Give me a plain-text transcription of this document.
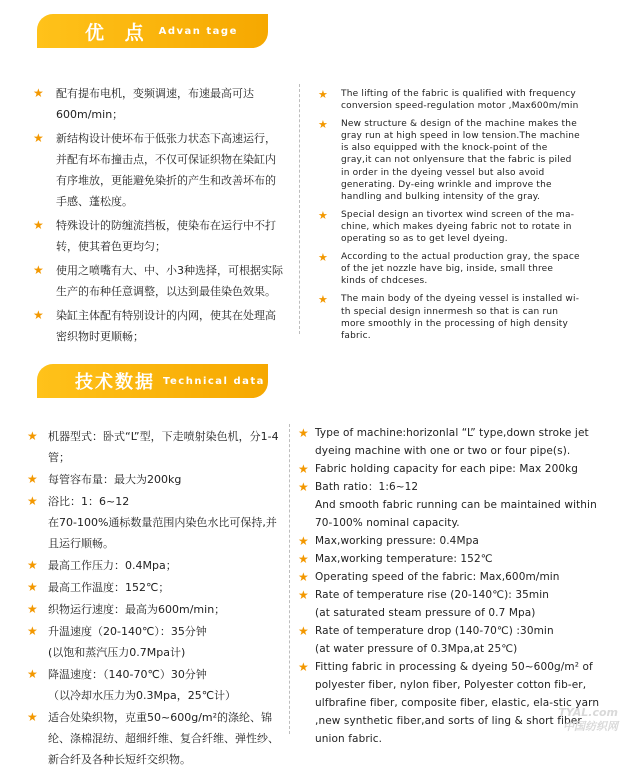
优 点 Advan tage
★ 配有提布电机，变频调速，布速最高可达600m/min；
★ 新结构设计使坏布于低张力状态下高速运行，并配有坏布撞击点，不仅可保证织物在染缸内有序堆放，更能避免染折的产生和改善坏布的手感、蓬松度。
★ 特殊设计的防缠流挡板，使染布在运行中不打转，使其着色更均匀；
★ 使用之喷嘴有大、中、小3种选择，可根据实际生产的布种任意调整，以达到最佳染色效果。
★ 染缸主体配有特别设计的内网，使其在处理高密织物时更顺畅；
★ The lifting of the fabric is qualified with frequency conversion speed-regulation motor ,Max600m/min
★ New structure & design of the machine makes the gray run at high speed in low tension.The machine is also equipped with the knock-point of the gray,it can not onlyensure that the fabric is piled in order in the dyeing vessel but also avoid generating. Dy-eing wrinkle and improve the handling and bulking intensity of the gray.
★ Special design an tivortex wind screen of the ma-chine, which makes dyeing fabric not to rotate in operating so as to get level dyeing.
★ According to the actual production gray, the space of the jet nozzle have big, inside, small three kinds of chdceses.
★ The main body of the dyeing vessel is installed wi-th special design innermesh so that is can run more smoothly in the processing of high density fabric.
技术数据 Technical data
★ 机器型式：卧式“L”型，下走喷射染色机，分1-4管；
★ 每管容布量：最大为200kg
★ 浴比：1：6~12
在70-100%通标数量范围内染色水比可保持,并且运行顺畅。
★ 最高工作压力：0.4Mpa；
★ 最高工作温度：152℃；
★ 织物运行速度：最高为600m/min；
★ 升温速度（20-140℃）：35分钟
(以饱和蒸汽压力0.7Mpa计)
★ 降温速度：（140-70℃）30分钟
（以冷却水压力为0.3Mpa，25℃计）
★ 适合处染织物，克重50~600g/m²的涤纶、锦纶、涤棉混纺、超细纤维、复合纤维、弹性纱、新合纤及各种长短纤交织物。
★ Type of machine:horizonlal “L” type,down stroke jet dyeing machine with one or two or four pipe(s).
★ Fabric holding capacity for each pipe: Max 200kg
★ Bath ratio：1:6~12
And smooth fabric running can be maintained within 70-100% nominal capacity.
★ Max,working pressure: 0.4Mpa
★ Max,working temperature: 152℃
★ Operating speed of the fabric: Max,600m/min
★ Rate of temperature rise (20-140℃): 35min
(at saturated steam pressure of 0.7 Mpa)
★ Rate of temperature drop (140-70℃) :30min
(at water pressure of 0.3Mpa,at 25℃)
★ Fitting fabric in processing & dyeing 50~600g/m² of polyester fiber, nylon fiber, Polyester cotton fib-er, ulfbrafine fiber, composite fiber, elastic, ela-stic yarn ,new synthetic fiber,and sorts of ling & short fiber union fabric.
TYAL.com
中国纺织网
